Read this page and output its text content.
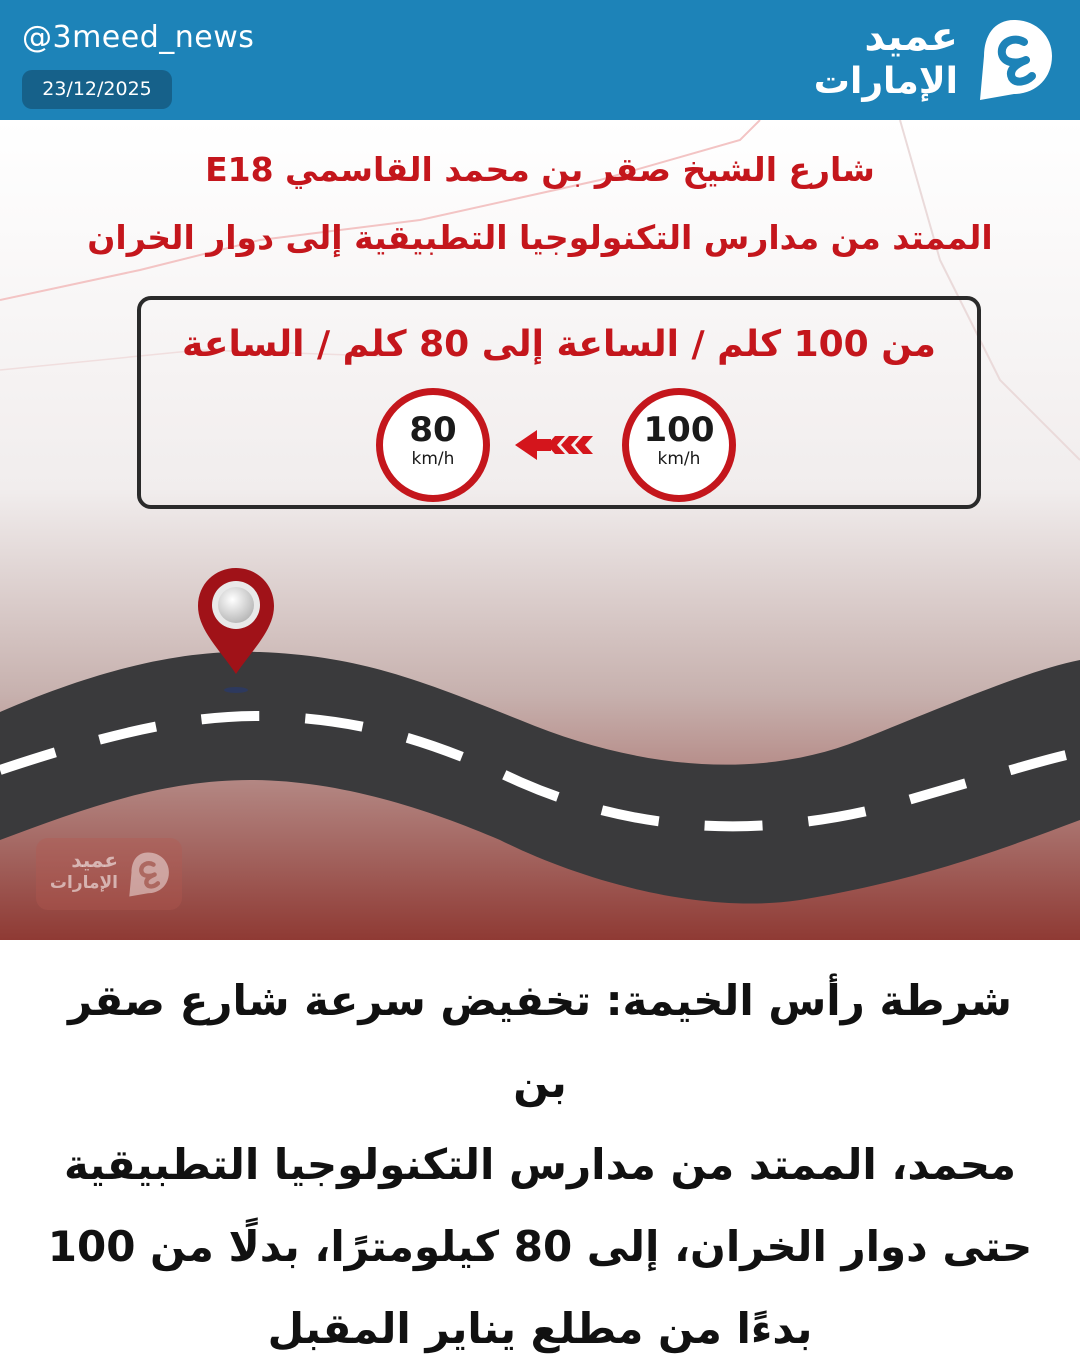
@3meed_news
23/12/2025
عميد
الإمارات
شارع الشيخ صقر بن محمد القاسمي E18
الممتد من مدارس التكنولوجيا التطبيقية إلى دوار الخران
من 100 كلم / الساعة إلى 80 كلم / الساعة
100
km/h
80
km/h
عميد
الإمارات
شرطة رأس الخيمة: تخفيض سرعة شارع صقر بن
محمد، الممتد من مدارس التكنولوجيا التطبيقية
حتى دوار الخران، إلى 80 كيلومترًا، بدلًا من 100
بدءًا من مطلع يناير المقبل
